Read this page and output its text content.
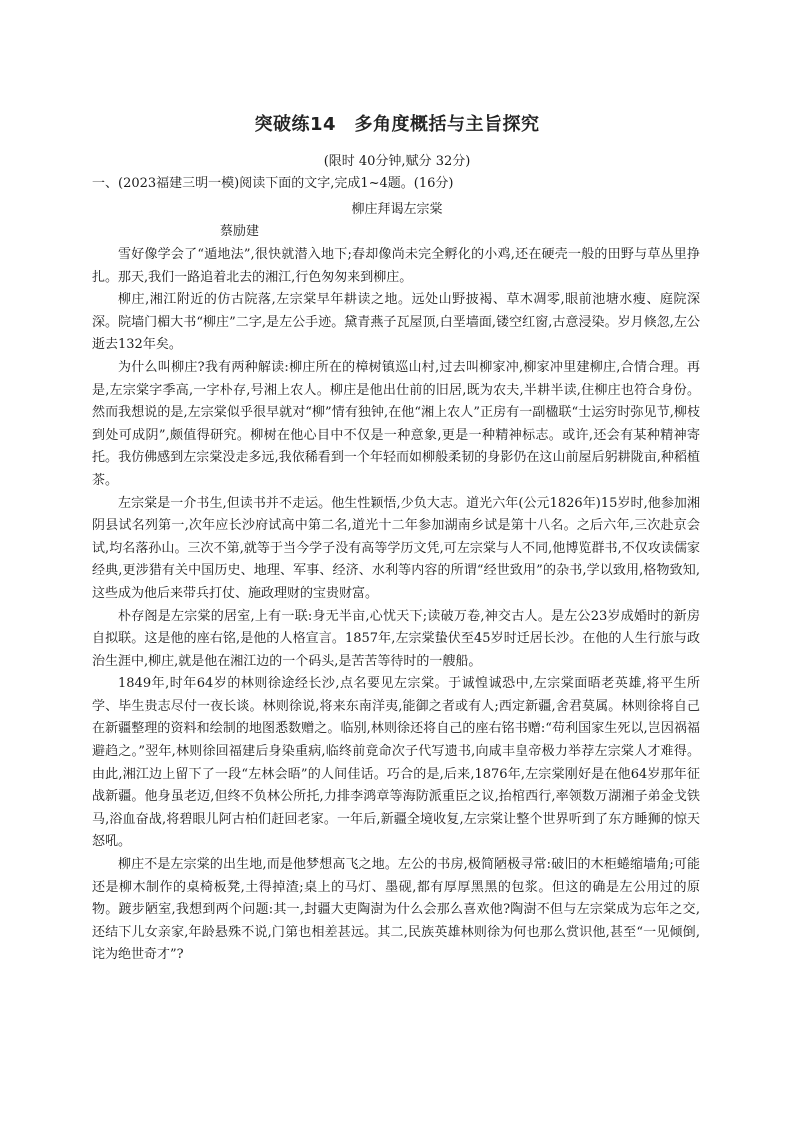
突破练14　多角度概括与主旨探究
(限时 40分钟,赋分 32分)
一、(2023福建三明一模)阅读下面的文字,完成1~4题。(16分)
柳庄拜谒左宗棠
蔡励建

雪好像学会了“遁地法”,很快就潜入地下;春却像尚未完全孵化的小鸡,还在硬壳一般的田野与草丛里挣扎。那天,我们一路追着北去的湘江,行色匆匆来到柳庄。

柳庄,湘江附近的仿古院落,左宗棠早年耕读之地。远处山野披褐、草木凋零,眼前池塘水瘦、庭院深深。院墙门楣大书“柳庄”二字,是左公手迹。黛青燕子瓦屋顶,白垩墙面,镂空红窗,古意浸染。岁月倏忽,左公逝去132年矣。

为什么叫柳庄?我有两种解读:柳庄所在的樟树镇巡山村,过去叫柳家冲,柳家冲里建柳庄,合情合理。再是,左宗棠字季高,一字朴存,号湘上农人。柳庄是他出仕前的旧居,既为农夫,半耕半读,住柳庄也符合身份。然而我想说的是,左宗棠似乎很早就对“柳”情有独钟,在他“湘上农人”正房有一副楹联“士运穷时弥见节,柳枝到处可成阴”,颇值得研究。柳树在他心目中不仅是一种意象,更是一种精神标志。或许,还会有某种精神寄托。我仿佛感到左宗棠没走多远,我依稀看到一个年轻而如柳般柔韧的身影仍在这山前屋后躬耕陇亩,种稻植茶。

左宗棠是一介书生,但读书并不走运。他生性颖悟,少负大志。道光六年(公元1826年)15岁时,他参加湘阴县试名列第一,次年应长沙府试高中第二名,道光十二年参加湖南乡试是第十八名。之后六年,三次赴京会试,均名落孙山。三次不第,就等于当今学子没有高等学历文凭,可左宗棠与人不同,他博览群书,不仅攻读儒家经典,更涉猎有关中国历史、地理、军事、经济、水利等内容的所谓“经世致用”的杂书,学以致用,格物致知,这些成为他后来带兵打仗、施政理财的宝贵财富。

朴存阁是左宗棠的居室,上有一联:身无半亩,心忧天下;读破万卷,神交古人。是左公23岁成婚时的新房自拟联。这是他的座右铭,是他的人格宣言。1857年,左宗棠蛰伏至45岁时迁居长沙。在他的人生行旅与政治生涯中,柳庄,就是他在湘江边的一个码头,是苦苦等待时的一艘船。

1849年,时年64岁的林则徐途经长沙,点名要见左宗棠。于诚惶诚恐中,左宗棠面晤老英雄,将平生所学、毕生贵志尽付一夜长谈。林则徐说,将来东南洋夷,能御之者或有人;西定新疆,舍君莫属。林则徐将自己在新疆整理的资料和绘制的地图悉数赠之。临别,林则徐还将自己的座右铭书赠:“苟利国家生死以,岂因祸福避趋之。”翌年,林则徐回福建后身染重病,临终前竟命次子代写遗书,向咸丰皇帝极力举荐左宗棠人才难得。由此,湘江边上留下了一段“左林会晤”的人间佳话。巧合的是,后来,1876年,左宗棠刚好是在他64岁那年征战新疆。他身虽老迈,但终不负林公所托,力排李鸿章等海防派重臣之议,抬棺西行,率领数万湖湘子弟金戈铁马,浴血奋战,将碧眼儿阿古柏们赶回老家。一年后,新疆全境收复,左宗棠让整个世界听到了东方睡狮的惊天怒吼。

柳庄不是左宗棠的出生地,而是他梦想高飞之地。左公的书房,极简陋极寻常:破旧的木柜蜷缩墙角;可能还是柳木制作的桌椅板凳,土得掉渣;桌上的马灯、墨砚,都有厚厚黑黑的包浆。但这的确是左公用过的原物。踱步陋室,我想到两个问题:其一,封疆大吏陶澍为什么会那么喜欢他?陶澍不但与左宗棠成为忘年之交,还结下儿女亲家,年龄悬殊不说,门第也相差甚远。其二,民族英雄林则徐为何也那么赏识他,甚至“一见倾倒,诧为绝世奇才”?
